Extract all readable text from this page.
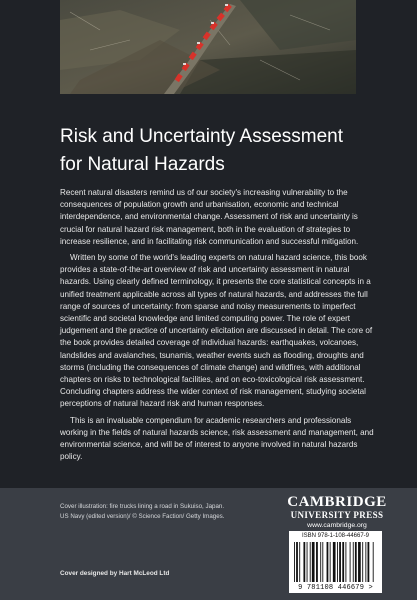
Risk and Uncertainty Assessment
for Natural Hazards

Recent natural disasters remind us of our society's increasing vulnerability to the consequences of population growth and urbanisation, economic and technical interdependence, and environmental change. Assessment of risk and uncertainty is crucial for natural hazard risk management, both in the evaluation of strategies to increase resilience, and in facilitating risk communication and successful mitigation.

Written by some of the world's leading experts on natural hazard science, this book provides a state-of-the-art overview of risk and uncertainty assessment in natural hazards. Using clearly defined terminology, it presents the core statistical concepts in a unified treatment applicable across all types of natural hazards, and addresses the full range of sources of uncertainty: from sparse and noisy measurements to imperfect scientific and societal knowledge and limited computing power. The role of expert judgement and the practice of uncertainty elicitation are discussed in detail. The core of the book provides detailed coverage of individual hazards: earthquakes, volcanoes, landslides and avalanches, tsunamis, weather events such as flooding, droughts and storms (including the consequences of climate change) and wildfires, with additional chapters on risks to technological facilities, and on eco-toxicological risk assessment. Concluding chapters address the wider context of risk management, studying societal perceptions of natural hazard risk and human responses.

This is an invaluable compendium for academic researchers and professionals working in the fields of natural hazards science, risk assessment and management, and environmental science, and will be of interest to anyone involved in natural hazards policy.

Cover illustration: fire trucks lining a road in Sukuiso, Japan.
US Navy (edited version)/ © Science Faction/ Getty Images.
Cover designed by Hart McLeod Ltd
CAMBRIDGE
UNIVERSITY PRESS
www.cambridge.org
ISBN 978-1-108-44667-9
9 781108 446679 >
